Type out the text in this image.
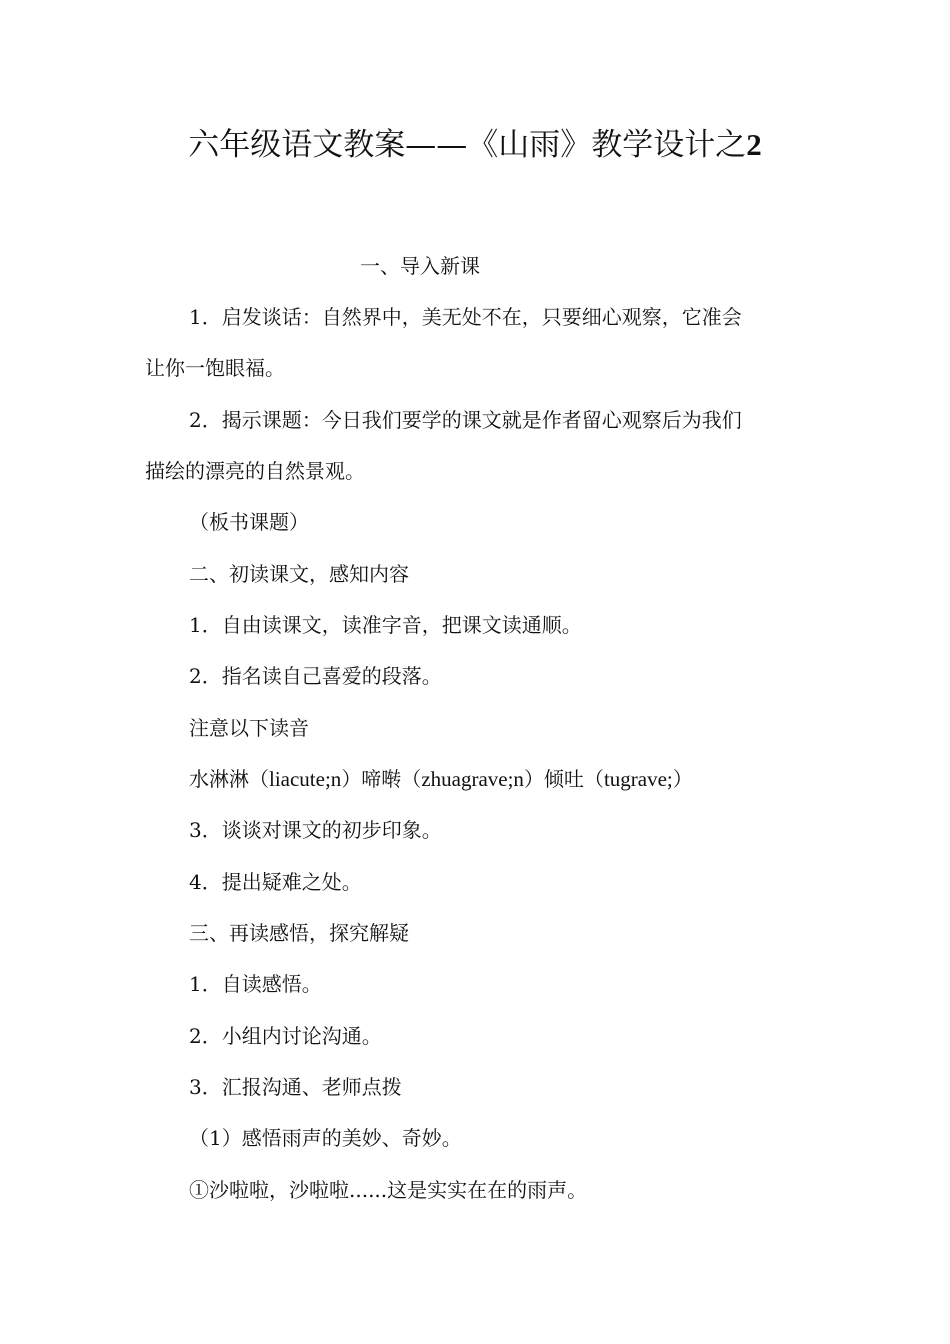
六年级语文教案——《山雨》教学设计之2
一、导入新课
1．启发谈话：自然界中，美无处不在，只要细心观察，它准会
让你一饱眼福。
2．揭示课题：今日我们要学的课文就是作者留心观察后为我们
描绘的漂亮的自然景观。
（板书课题）
二、初读课文，感知内容
1．自由读课文，读准字音，把课文读通顺。
2．指名读自己喜爱的段落。
注意以下读音
水淋淋（liacute;n）啼啭（zhuagrave;n）倾吐（tugrave;）
3．谈谈对课文的初步印象。
4．提出疑难之处。
三、再读感悟，探究解疑
1．自读感悟。
2．小组内讨论沟通。
3．汇报沟通、老师点拨
（1）感悟雨声的美妙、奇妙。
①沙啦啦，沙啦啦......这是实实在在的雨声。
